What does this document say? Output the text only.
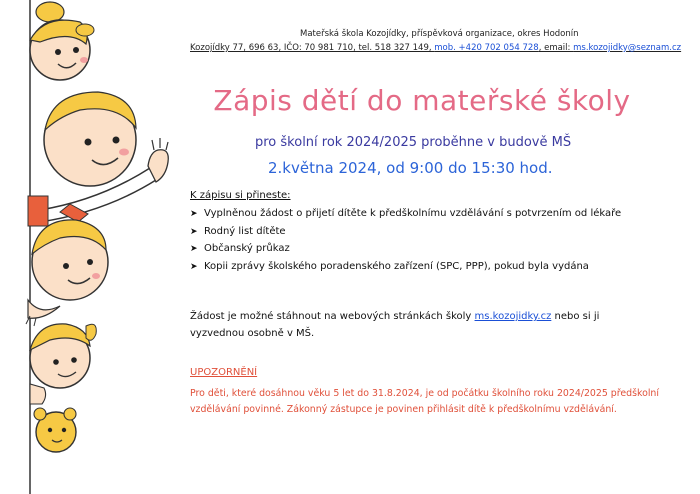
Mateřská škola Kozojídky, příspěvková organizace, okres Hodonín
Kozojídky 77, 696 63, IČO: 70 981 710, tel. 518 327 149, mob. +420 702 054 728, email: ms.kozojidky@seznam.cz
Zápis dětí do mateřské školy
pro školní rok 2024/2025 proběhne v budově MŠ
2.května 2024, od 9:00 do 15:30 hod.
K zápisu si přineste:
➤ Vyplněnou žádost o přijetí dítěte k předškolnímu vzdělávání s potvrzením od lékaře
➤ Rodný list dítěte
➤ Občanský průkaz
➤ Kopii zprávy školského poradenského zařízení (SPC, PPP), pokud byla vydána
Žádost je možné stáhnout na webových stránkách školy ms.kozojidky.cz nebo si ji vyzvednou osobně v MŠ.
UPOZORNĚNÍ
Pro děti, které dosáhnou věku 5 let do 31.8.2024, je od počátku školního roku 2024/2025 předškolní vzdělávání povinné. Zákonný zástupce je povinen přihlásit dítě k předškolnímu vzdělávání.
